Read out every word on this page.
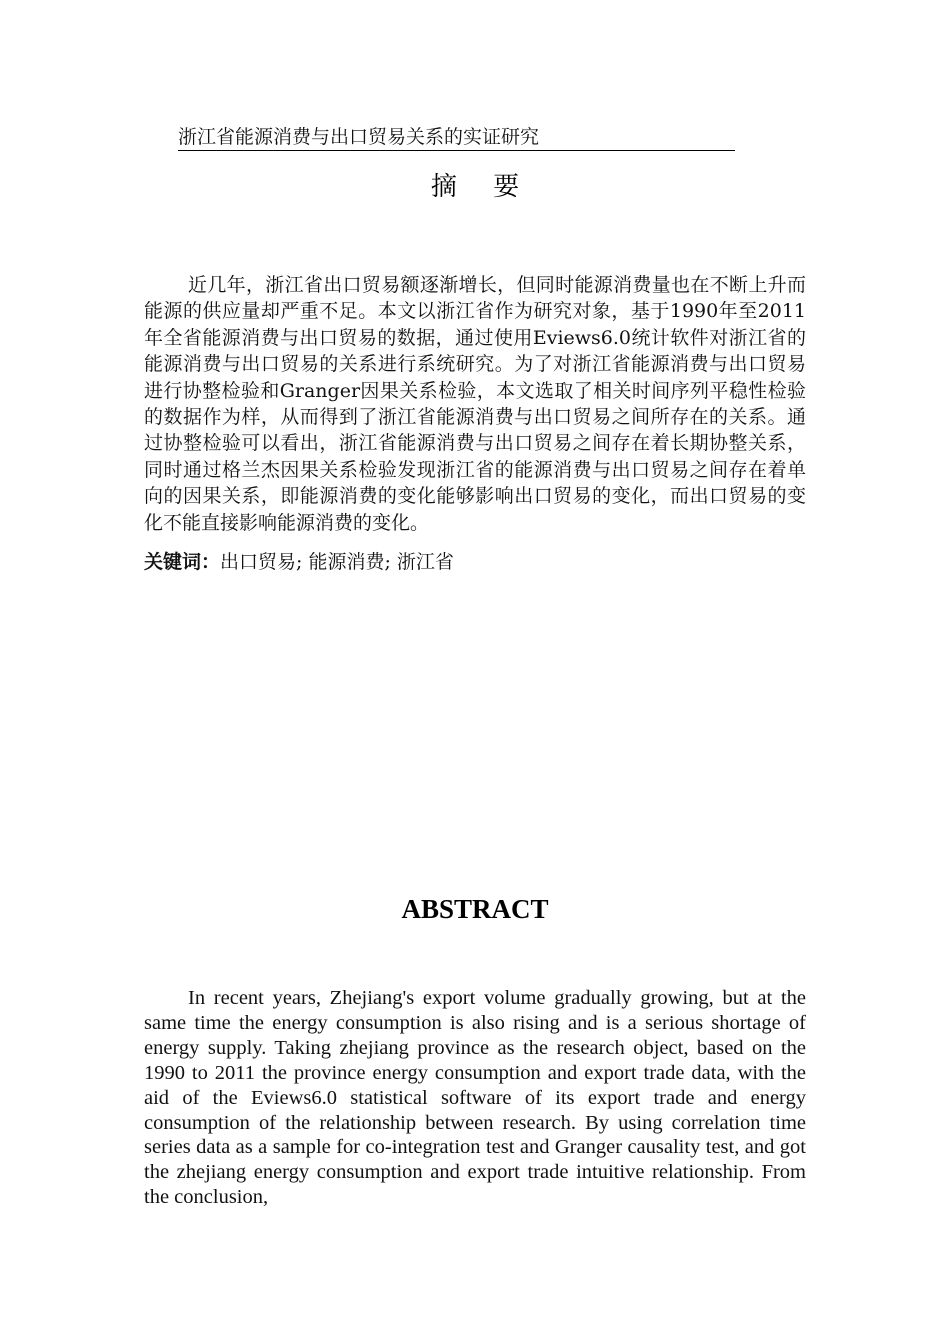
浙江省能源消费与出口贸易关系的实证研究
摘 要

近几年，浙江省出口贸易额逐渐增长，但同时能源消费量也在不断上升而能源的供应量却严重不足。本文以浙江省作为研究对象，基于1990年至2011年全省能源消费与出口贸易的数据，通过使用Eviews6.0统计软件对浙江省的能源消费与出口贸易的关系进行系统研究。为了对浙江省能源消费与出口贸易进行协整检验和Granger因果关系检验，本文选取了相关时间序列平稳性检验的数据作为样，从而得到了浙江省能源消费与出口贸易之间所存在的关系。通过协整检验可以看出，浙江省能源消费与出口贸易之间存在着长期协整关系，同时通过格兰杰因果关系检验发现浙江省的能源消费与出口贸易之间存在着单向的因果关系，即能源消费的变化能够影响出口贸易的变化，而出口贸易的变化不能直接影响能源消费的变化。

关键词：出口贸易; 能源消费; 浙江省
ABSTRACT

In recent years, Zhejiang's export volume gradually growing, but at the same time the energy consumption is also rising and is a serious shortage of energy supply. Taking zhejiang province as the research object, based on the 1990 to 2011 the province energy consumption and export trade data, with the aid of the Eviews6.0 statistical software of its export trade and energy consumption of the relationship between research. By using correlation time series data as a sample for co-integration test and Granger causality test, and got the zhejiang energy consumption and export trade intuitive relationship. From the conclusion,
